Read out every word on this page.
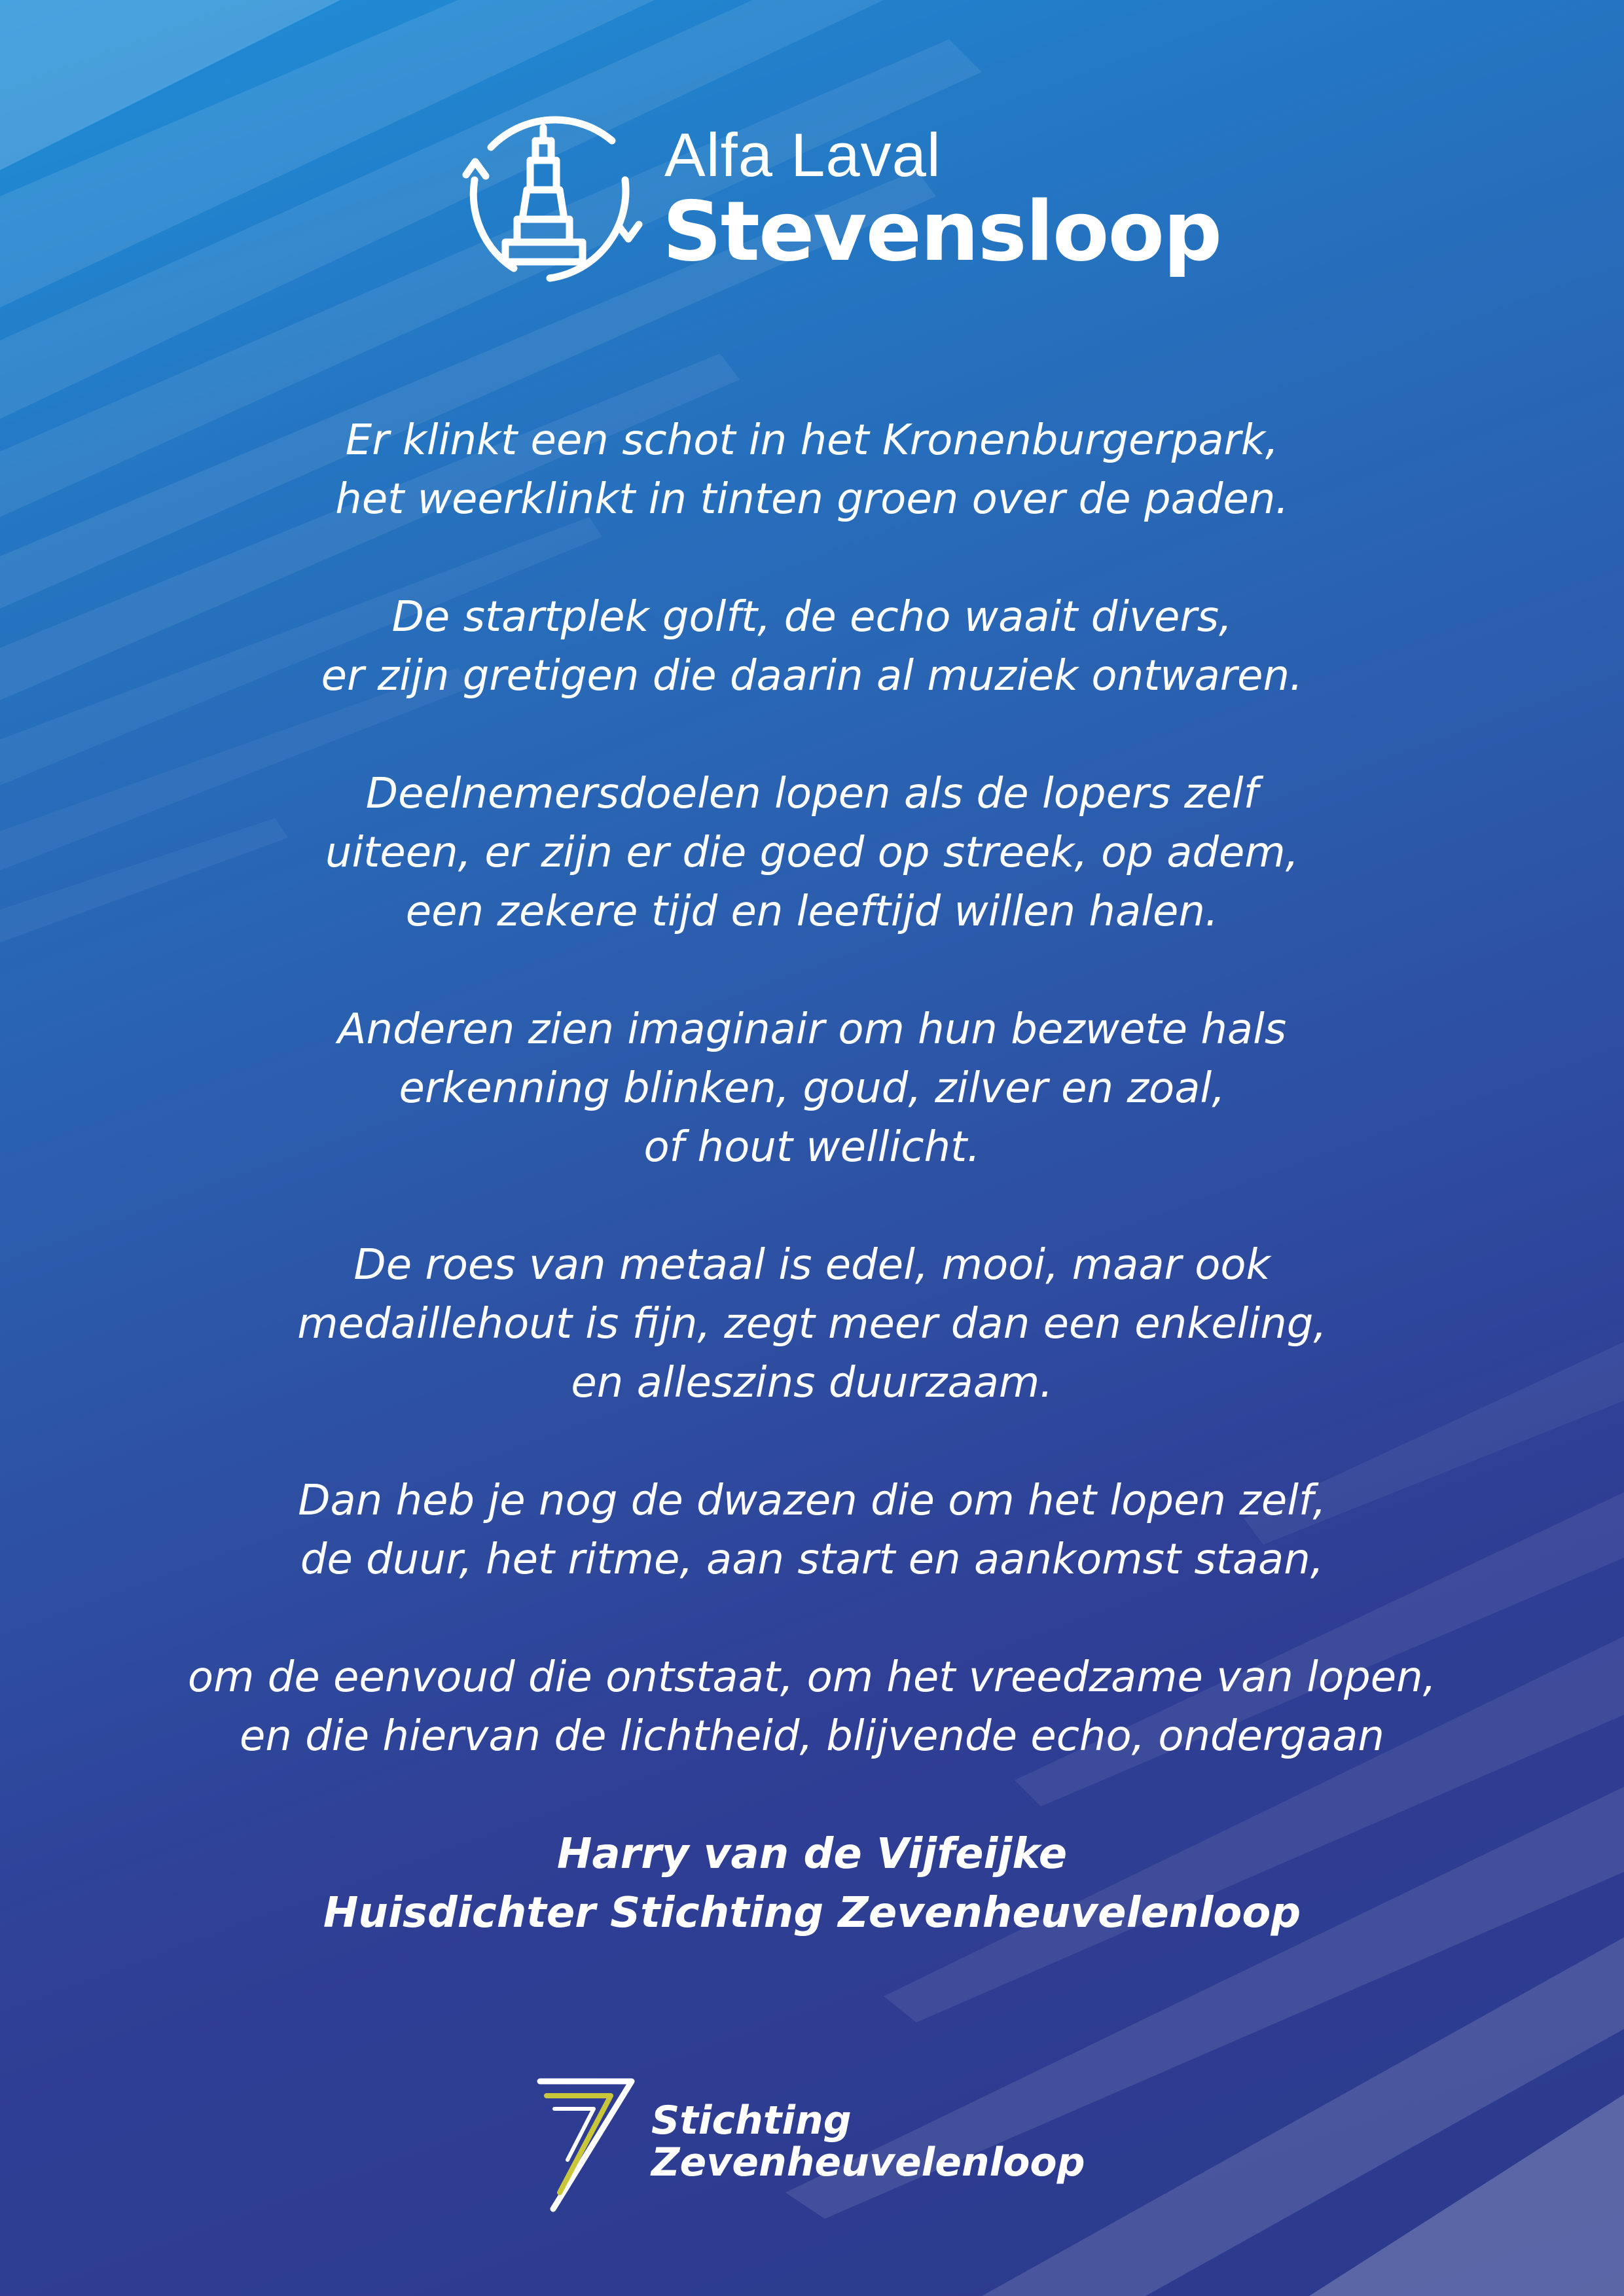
Alfa Laval
Stevensloop
Er klinkt een schot in het Kronenburgerpark,
het weerklinkt in tinten groen over de paden.
De startplek golft, de echo waait divers,
er zijn gretigen die daarin al muziek ontwaren.
Deelnemersdoelen lopen als de lopers zelf
uiteen, er zijn er die goed op streek, op adem,
een zekere tijd en leeftijd willen halen.
Anderen zien imaginair om hun bezwete hals
erkenning blinken, goud, zilver en zoal,
of hout wellicht.
De roes van metaal is edel, mooi, maar ook
medaillehout is fijn, zegt meer dan een enkeling,
en alleszins duurzaam.
Dan heb je nog de dwazen die om het lopen zelf,
de duur, het ritme, aan start en aankomst staan,
om de eenvoud die ontstaat, om het vreedzame van lopen,
en die hiervan de lichtheid, blijvende echo, ondergaan
Harry van de Vijfeijke
Huisdichter Stichting Zevenheuvelenloop
Stichting
Zevenheuvelenloop
